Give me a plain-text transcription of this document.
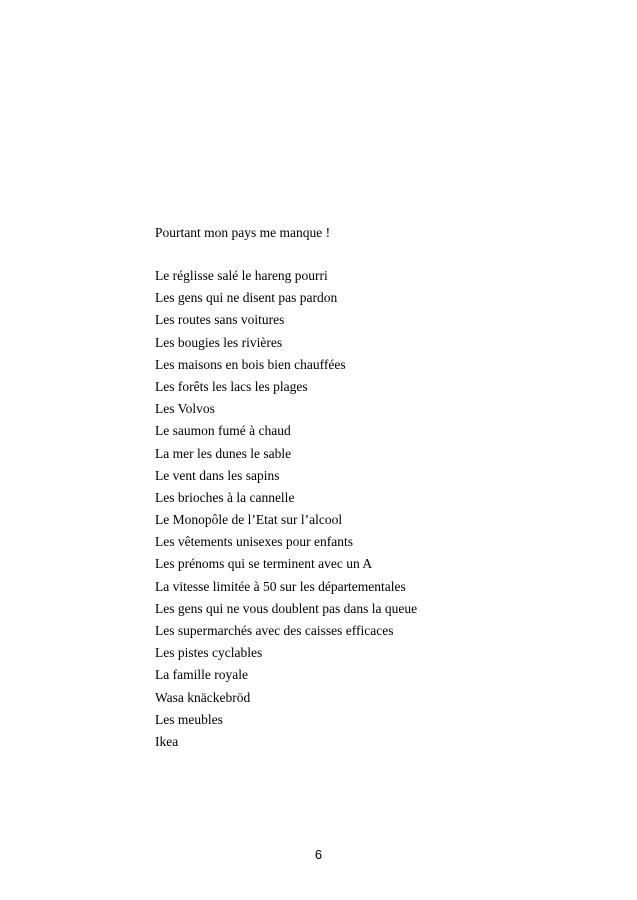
Pourtant mon pays me manque !

Le réglisse salé le hareng pourri
Les gens qui ne disent pas pardon
Les routes sans voitures
Les bougies les rivières
Les maisons en bois bien chauffées
Les forêts les lacs les plages
Les Volvos
Le saumon fumé à chaud
La mer les dunes le sable
Le vent dans les sapins
Les brioches à la cannelle
Le Monopôle de l’Etat sur l’alcool
Les vêtements unisexes pour enfants
Les prénoms qui se terminent avec un A
La vitesse limitée à 50 sur les départementales
Les gens qui ne vous doublent pas dans la queue
Les supermarchés avec des caisses efficaces
Les pistes cyclables
La famille royale
Wasa knäckebröd
Les meubles
Ikea
6
